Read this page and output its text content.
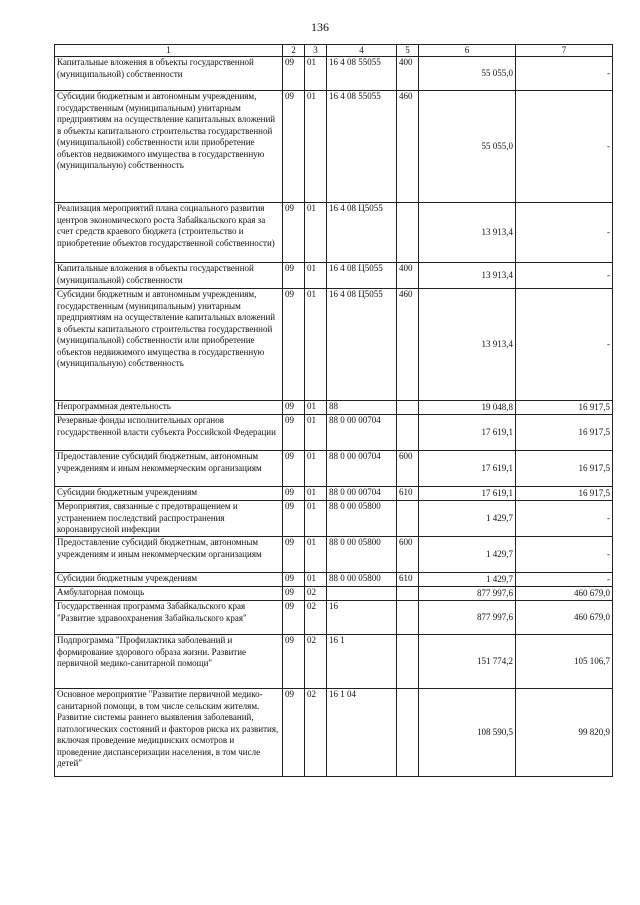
136
1	2	3	4	5	6	7
Капитальные вложения в объекты государственной (муниципальной) собственности	09	01	16 4 08 55055	400	55 055,0	-
Субсидии бюджетным и автономным учреждениям, государственным (муниципальным) унитарным предприятиям на осуществление капитальных вложений в объекты капитального строительства государственной (муниципальной) собственности или приобретение объектов недвижимого имущества в государственную (муниципальную) собственность	09	01	16 4 08 55055	460	55 055,0	-
Реализация мероприятий плана социального развития центров экономического роста Забайкальского края за счет средств краевого бюджета (строительство и приобретение объектов государственной собственности)	09	01	16 4 08 Ц5055		13 913,4	-
Капитальные вложения в объекты государственной (муниципальной) собственности	09	01	16 4 08 Ц5055	400	13 913,4	-
Субсидии бюджетным и автономным учреждениям, государственным (муниципальным) унитарным предприятиям на осуществление капитальных вложений в объекты капитального строительства государственной (муниципальной) собственности или приобретение объектов недвижимого имущества в государственную (муниципальную) собственность	09	01	16 4 08 Ц5055	460	13 913,4	-
Непрограммная деятельность	09	01	88		19 048,8	16 917,5
Резервные фонды исполнительных органов государственной власти субъекта Российской Федерации	09	01	88 0 00 00704		17 619,1	16 917,5
Предоставление субсидий бюджетным, автономным учреждениям и иным некоммерческим организациям	09	01	88 0 00 00704	600	17 619,1	16 917,5
Субсидии бюджетным учреждениям	09	01	88 0 00 00704	610	17 619,1	16 917,5
Мероприятия, связанные с предотвращением и устранением последствий распространения коронавирусной инфекции	09	01	88 0 00 05800		1 429,7	-
Предоставление субсидий бюджетным, автономным учреждениям и иным некоммерческим организациям	09	01	88 0 00 05800	600	1 429,7	-
Субсидии бюджетным учреждениям	09	01	88 0 00 05800	610	1 429,7	-
Амбулаторная помощь	09	02			877 997,6	460 679,0
Государственная программа Забайкальского края "Развитие здравоохранения Забайкальского края"	09	02	16		877 997,6	460 679,0
Подпрограмма "Профилактика заболеваний и формирование здорового образа жизни. Развитие первичной медико-санитарной помощи"	09	02	16 1		151 774,2	105 106,7
Основное мероприятие "Развитие первичной медико-санитарной помощи, в том числе сельским жителям. Развитие системы раннего выявления заболеваний, патологических состояний и факторов риска их развития, включая проведение медицинских осмотров и проведение диспансеризации населения, в том числе детей"	09	02	16 1 04		108 590,5	99 820,9
